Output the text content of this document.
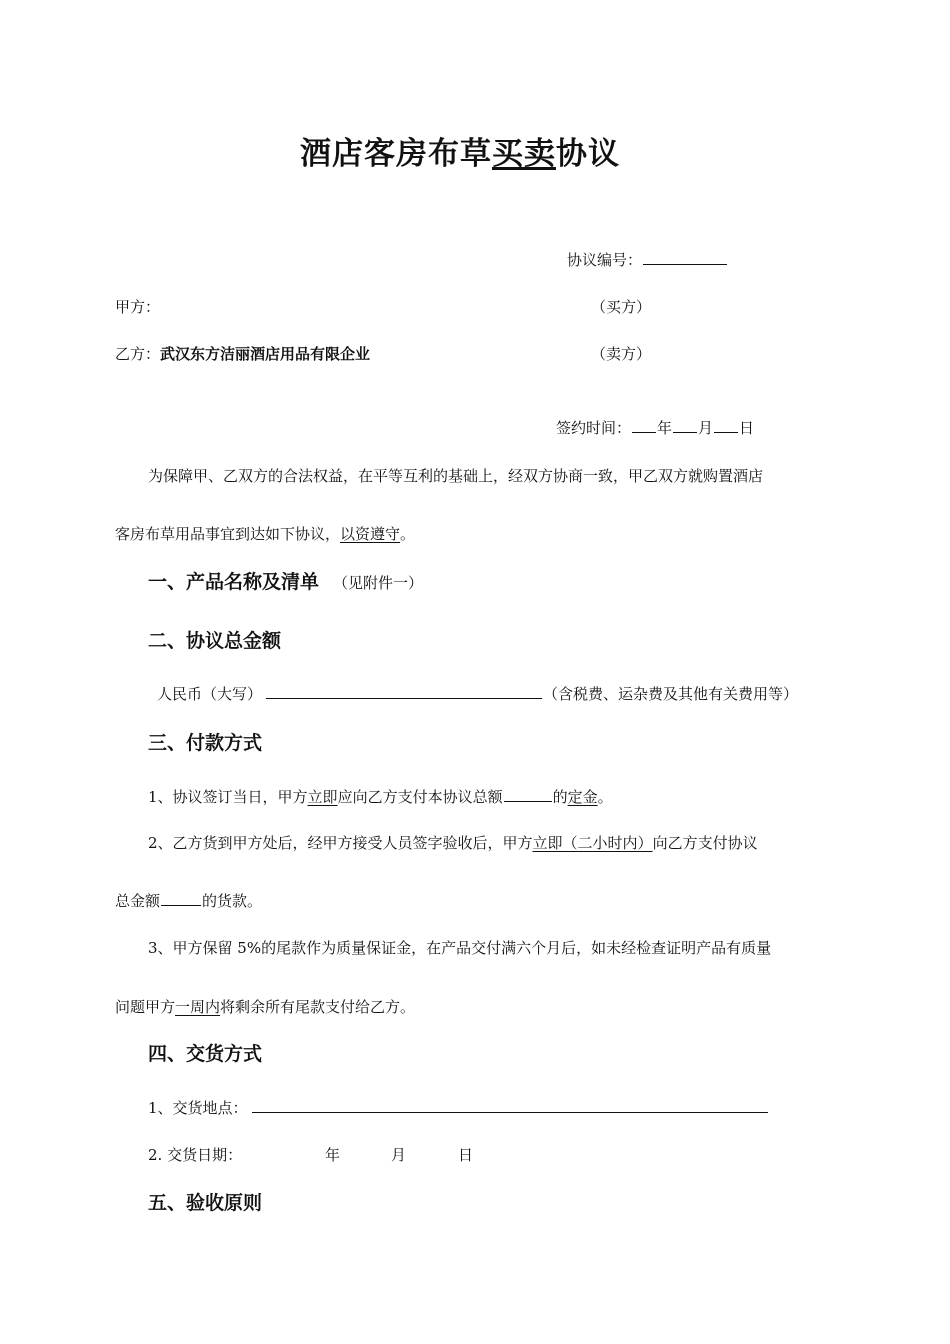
酒店客房布草买卖协议
协议编号：
甲方：	（买方）
乙方：武汉东方洁丽酒店用品有限企业	（卖方）
签约时间： 年 月 日
为保障甲、乙双方的合法权益，在平等互利的基础上，经双方协商一致，甲乙双方就购置酒店
客房布草用品事宜到达如下协议，以资遵守。
一、产品名称及清单 （见附件一）
二、协议总金额
人民币（大写）	（含税费、运杂费及其他有关费用等）
三、付款方式
1、协议签订当日，甲方立即应向乙方支付本协议总额	的定金。
2、乙方货到甲方处后，经甲方接受人员签字验收后，甲方立即（二小时内）向乙方支付协议
总金额	的货款。
3、甲方保留 5%的尾款作为质量保证金，在产品交付满六个月后，如未经检查证明产品有质量
问题甲方一周内将剩余所有尾款支付给乙方。
四、交货方式
1、交货地点：
2. 交货日期：	年	月	日
五、验收原则
